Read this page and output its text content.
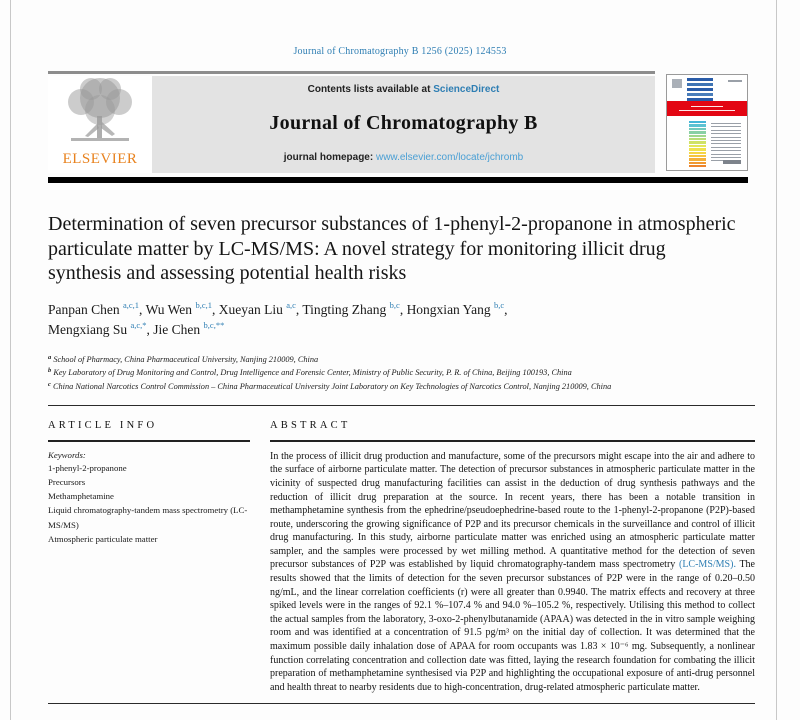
Journal of Chromatography B 1256 (2025) 124553
ELSEVIER
Contents lists available at ScienceDirect
Journal of Chromatography B
journal homepage: www.elsevier.com/locate/jchromb
Determination of seven precursor substances of 1-phenyl-2-propanone in atmospheric particulate matter by LC-MS/MS: A novel strategy for monitoring illicit drug synthesis and assessing potential health risks
Panpan Chen $^{a,c,1}$, Wu Wen $^{b,c,1}$, Xueyan Liu $^{a,c}$, Tingting Zhang $^{b,c}$, Hongxian Yang $^{b,c}$,
Mengxiang Su $^{a,c,*}$, Jie Chen $^{b,c,**}$
$^a$ School of Pharmacy, China Pharmaceutical University, Nanjing 210009, China
$^b$ Key Laboratory of Drug Monitoring and Control, Drug Intelligence and Forensic Center, Ministry of Public Security, P. R. of China, Beijing 100193, China
$^c$ China National Narcotics Control Commission – China Pharmaceutical University Joint Laboratory on Key Technologies of Narcotics Control, Nanjing 210009, China
ARTICLE INFO
Keywords:
1-phenyl-2-propanone
Precursors
Methamphetamine
Liquid chromatography-tandem mass spectrometry (LC-MS/MS)
Atmospheric particulate matter
ABSTRACT
In the process of illicit drug production and manufacture, some of the precursors might escape into the air and adhere to the surface of airborne particulate matter. The detection of precursor substances in atmospheric particulate matter in the vicinity of suspected drug manufacturing facilities can assist in the deduction of drug synthesis pathways and the reduction of illicit drug preparation at the source. In recent years, there has been a notable transition in methamphetamine synthesis from the ephedrine/pseudoephedrine-based route to the 1-phenyl-2-propanone (P2P)-based route, underscoring the growing significance of P2P and its precursor chemicals in the surveillance and control of illicit drug manufacturing. In this study, airborne particulate matter was enriched using an atmospheric particulate matter sampler, and the samples were processed by wet milling method. A quantitative method for the detection of seven precursor substances of P2P was established by liquid chromatography-tandem mass spectrometry (LC-MS/MS). The results showed that the limits of detection for the seven precursor substances of P2P were in the range of 0.20–0.50 ng/mL, and the linear correlation coefficients (r) were all greater than 0.9940. The matrix effects and recovery at three spiked levels were in the ranges of 92.1 %–107.4 % and 94.0 %–105.2 %, respectively. Utilising this method to collect the actual samples from the laboratory, 3-oxo-2-phenylbutanamide (APAA) was detected in the in vitro sample weighing room and was identified at a concentration of 91.5 pg/m³ on the initial day of collection. It was determined that the maximum possible daily inhalation dose of APAA for room occupants was 1.83 × 10⁻⁶ mg. Subsequently, a nonlinear function correlating concentration and collection date was fitted, laying the research foundation for combating the illicit preparation of methamphetamine synthesised via P2P and highlighting the occupational exposure of anti-drug personnel and health threat to nearby residents due to high-concentration, drug-related atmospheric particulate matter.
